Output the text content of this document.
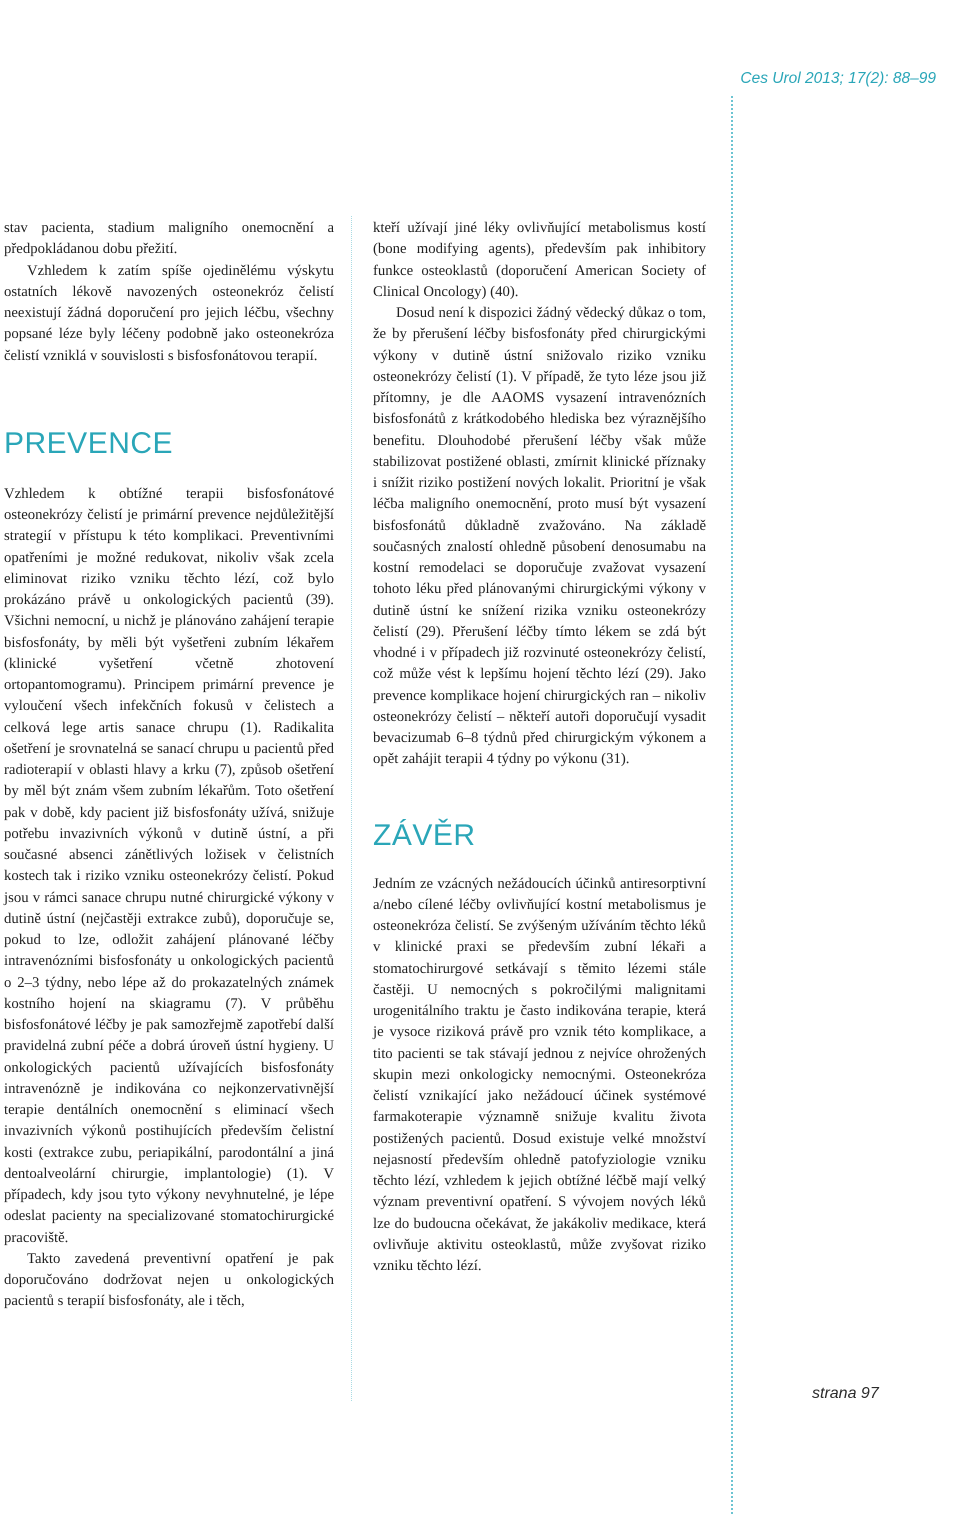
Ces Urol 2013; 17(2): 88–99

stav pacienta, stadium maligního onemocnění a předpokládanou dobu přežití.

Vzhledem k zatím spíše ojedinělému výskytu ostatních lékově navozených osteonekróz čelistí neexistují žádná doporučení pro jejich léčbu, všechny popsané léze byly léčeny podobně jako osteonekróza čelistí vzniklá v souvislosti s bisfosfonátovou terapií.

PREVENCE

Vzhledem k obtížné terapii bisfosfonátové osteonekrózy čelistí je primární prevence nejdůležitější strategií v přístupu k této komplikaci. Preventivními opatřeními je možné redukovat, nikoliv však zcela eliminovat riziko vzniku těchto lézí, což bylo prokázáno právě u onkologických pacientů (39). Všichni nemocní, u nichž je plánováno zahájení terapie bisfosfonáty, by měli být vyšetřeni zubním lékařem (klinické vyšetření včetně zhotovení ortopantomogramu). Principem primární prevence je vyloučení všech infekčních fokusů v čelistech a celková lege artis sanace chrupu (1). Radikalita ošetření je srovnatelná se sanací chrupu u pacientů před radioterapií v oblasti hlavy a krku (7), způsob ošetření by měl být znám všem zubním lékařům. Toto ošetření pak v době, kdy pacient již bisfosfonáty užívá, snižuje potřebu invazivních výkonů v dutině ústní, a při současné absenci zánětlivých ložisek v čelistních kostech tak i riziko vzniku osteonekrózy čelistí. Pokud jsou v rámci sanace chrupu nutné chirurgické výkony v dutině ústní (nejčastěji extrakce zubů), doporučuje se, pokud to lze, odložit zahájení plánované léčby intravenózními bisfosfonáty u onkologických pacientů o 2–3 týdny, nebo lépe až do prokazatelných známek kostního hojení na skiagramu (7). V průběhu bisfosfonátové léčby je pak samozřejmě zapotřebí další pravidelná zubní péče a dobrá úroveň ústní hygieny. U onkologických pacientů užívajících bisfosfonáty intravenózně je indikována co nejkonzervativnější terapie dentálních onemocnění s eliminací všech invazivních výkonů postihujících především čelistní kosti (extrakce zubu, periapikální, parodontální a jiná dentoalveolární chirurgie, implantologie) (1). V případech, kdy jsou tyto výkony nevyhnutelné, je lépe odeslat pacienty na specializované stomatochirurgické pracoviště.

Takto zavedená preventivní opatření je pak doporučováno dodržovat nejen u onkologických pacientů s terapií bisfosfonáty, ale i těch,

kteří užívají jiné léky ovlivňující metabolismus kostí (bone modifying agents), především pak inhibitory funkce osteoklastů (doporučení American Society of Clinical Oncology) (40).

Dosud není k dispozici žádný vědecký důkaz o tom, že by přerušení léčby bisfosfonáty před chirurgickými výkony v dutině ústní snižovalo riziko vzniku osteonekrózy čelistí (1). V případě, že tyto léze jsou již přítomny, je dle AAOMS vysazení intravenózních bisfosfonátů z krátkodobého hlediska bez výraznějšího benefitu. Dlouhodobé přerušení léčby však může stabilizovat postižené oblasti, zmírnit klinické příznaky i snížit riziko postižení nových lokalit. Prioritní je však léčba maligního onemocnění, proto musí být vysazení bisfosfonátů důkladně zvažováno. Na základě současných znalostí ohledně působení denosumabu na kostní remodelaci se doporučuje zvažovat vysazení tohoto léku před plánovanými chirurgickými výkony v dutině ústní ke snížení rizika vzniku osteonekrózy čelistí (29). Přerušení léčby tímto lékem se zdá být vhodné i v případech již rozvinuté osteonekrózy čelistí, což může vést k lepšímu hojení těchto lézí (29). Jako prevence komplikace hojení chirurgických ran – nikoliv osteonekrózy čelistí – někteří autoři doporučují vysadit bevacizumab 6–8 týdnů před chirurgickým výkonem a opět zahájit terapii 4 týdny po výkonu (31).

ZÁVĚR

Jedním ze vzácných nežádoucích účinků antiresorptivní a/nebo cílené léčby ovlivňující kostní metabolismus je osteonekróza čelistí. Se zvýšeným užíváním těchto léků v klinické praxi se především zubní lékaři a stomatochirurgové setkávají s těmito lézemi stále častěji. U nemocných s pokročilými malignitami urogenitálního traktu je často indikována terapie, která je vysoce riziková právě pro vznik této komplikace, a tito pacienti se tak stávají jednou z nejvíce ohrožených skupin mezi onkologicky nemocnými. Osteonekróza čelistí vznikající jako nežádoucí účinek systémové farmakoterapie významně snižuje kvalitu života postižených pacientů. Dosud existuje velké množství nejasností především ohledně patofyziologie vzniku těchto lézí, vzhledem k jejich obtížné léčbě mají velký význam preventivní opatření. S vývojem nových léků lze do budoucna očekávat, že jakákoliv medikace, která ovlivňuje aktivitu osteoklastů, může zvyšovat riziko vzniku těchto lézí.

strana 97
